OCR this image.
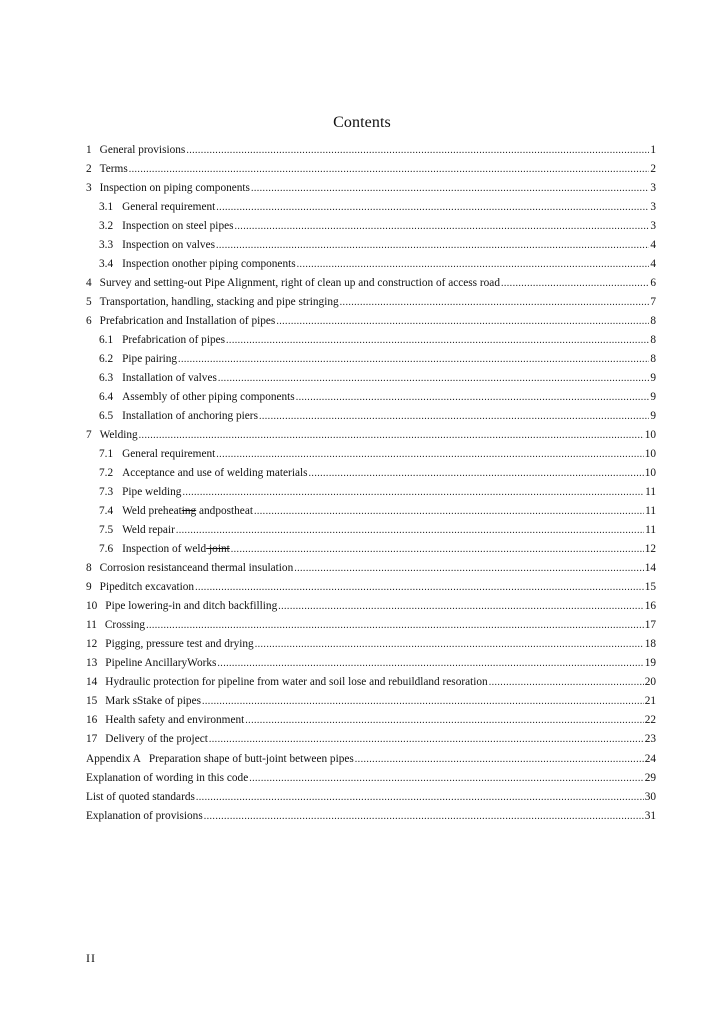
Contents
1 General provisions .....	1
2 Terms .....	2
3 Inspection on piping components .....	3
3.1 General requirement .....	3
3.2 Inspection on steel pipes .....	3
3.3 Inspection on valves .....	4
3.4 Inspection onother piping components .....	4
4 Survey and setting-out Pipe Alignment, right of clean up and construction of access road .....	6
5 Transportation, handling, stacking and pipe stringing .....	7
6 Prefabrication and Installation of pipes .....	8
6.1 Prefabrication of pipes .....	8
6.2 Pipe pairing .....	8
6.3 Installation of valves .....	9
6.4 Assembly of other piping components .....	9
6.5 Installation of anchoring piers .....	9
7 Welding .....	10
7.1 General requirement .....	10
7.2 Acceptance and use of welding materials .....	10
7.3 Pipe welding .....	11
7.4 Weld preheating andpostheat .....	11
7.5 Weld repair .....	11
7.6 Inspection of weld joint .....	12
8 Corrosion resistanceand thermal insulation .....	14
9 Pipeditch excavation .....	15
10 Pipe lowering-in and ditch backfilling .....	16
11 Crossing .....	17
12 Pigging, pressure test and drying .....	18
13 Pipeline AncillaryWorks .....	19
14 Hydraulic protection for pipeline from water and soil lose and rebuildland resoration .....	20
15 Mark sStake of pipes .....	21
16 Health safety and environment .....	22
17 Delivery of the project .....	23
Appendix A Preparation shape of butt-joint between pipes .....	24
Explanation of wording in this code .....	29
List of quoted standards .....	30
Explanation of provisions .....	31
II
